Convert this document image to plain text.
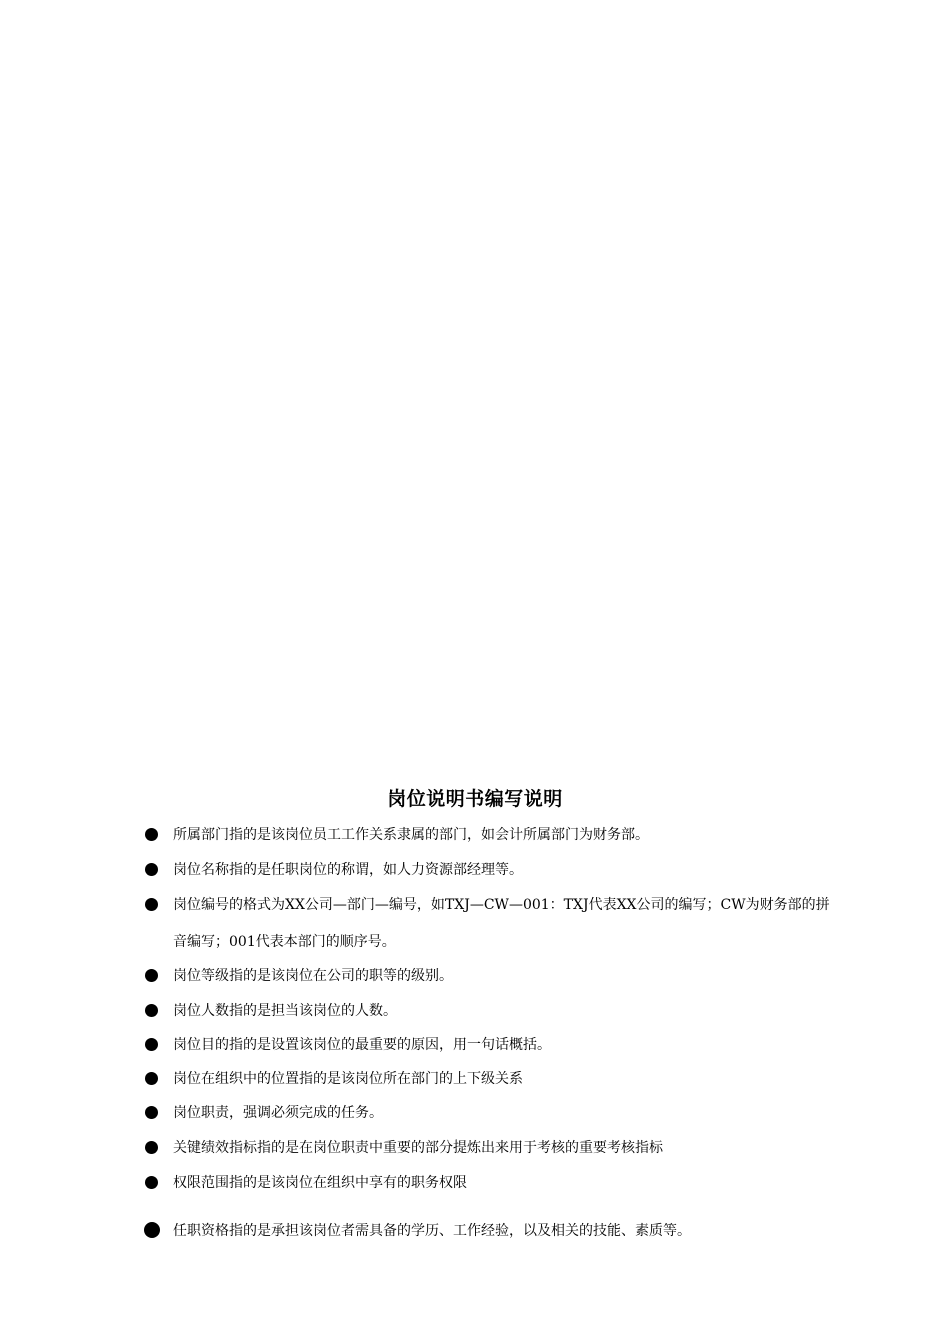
岗位说明书编写说明
所属部门指的是该岗位员工工作关系隶属的部门，如会计所属部门为财务部。
岗位名称指的是任职岗位的称谓，如人力资源部经理等。
岗位编号的格式为XX公司—部门—编号，如TXJ—CW—001：TXJ代表XX公司的编写；CW为财务部的拼音编写；001代表本部门的顺序号。
岗位等级指的是该岗位在公司的职等的级别。
岗位人数指的是担当该岗位的人数。
岗位目的指的是设置该岗位的最重要的原因，用一句话概括。
岗位在组织中的位置指的是该岗位所在部门的上下级关系
岗位职责，强调必须完成的任务。
关键绩效指标指的是在岗位职责中重要的部分提炼出来用于考核的重要考核指标
权限范围指的是该岗位在组织中享有的职务权限
任职资格指的是承担该岗位者需具备的学历、工作经验，以及相关的技能、素质等。
